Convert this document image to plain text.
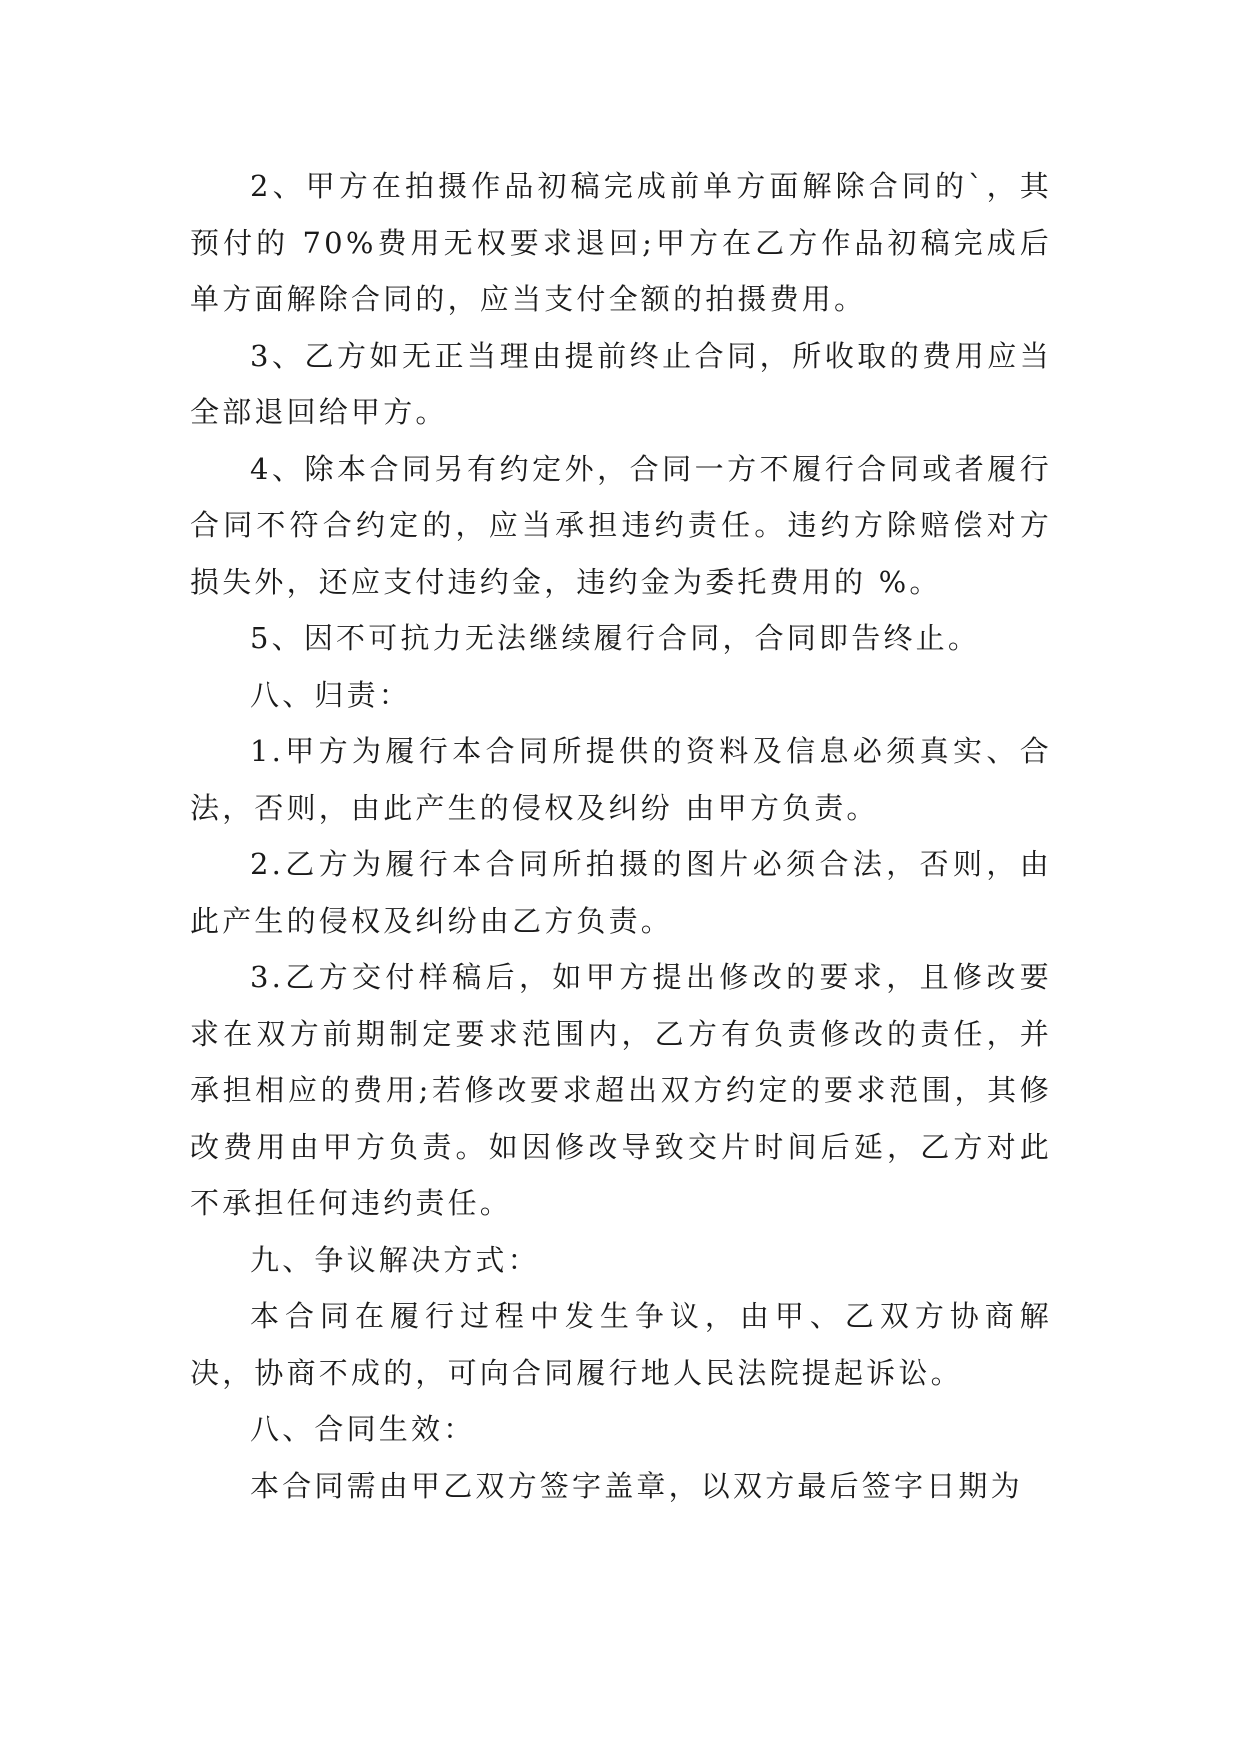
2、甲方在拍摄作品初稿完成前单方面解除合同的`，其预付的 70%费用无权要求退回;甲方在乙方作品初稿完成后单方面解除合同的，应当支付全额的拍摄费用。

3、乙方如无正当理由提前终止合同，所收取的费用应当全部退回给甲方。

4、除本合同另有约定外，合同一方不履行合同或者履行合同不符合约定的，应当承担违约责任。违约方除赔偿对方损失外，还应支付违约金，违约金为委托费用的 %。

5、因不可抗力无法继续履行合同，合同即告终止。

八、归责：

1.甲方为履行本合同所提供的资料及信息必须真实、合法，否则，由此产生的侵权及纠纷 由甲方负责。

2.乙方为履行本合同所拍摄的图片必须合法，否则，由此产生的侵权及纠纷由乙方负责。

3.乙方交付样稿后，如甲方提出修改的要求，且修改要求在双方前期制定要求范围内，乙方有负责修改的责任，并承担相应的费用;若修改要求超出双方约定的要求范围，其修改费用由甲方负责。如因修改导致交片时间后延，乙方对此不承担任何违约责任。

九、争议解决方式：

本合同在履行过程中发生争议，由甲、乙双方协商解决，协商不成的，可向合同履行地人民法院提起诉讼。

八、合同生效：

本合同需由甲乙双方签字盖章，以双方最后签字日期为
